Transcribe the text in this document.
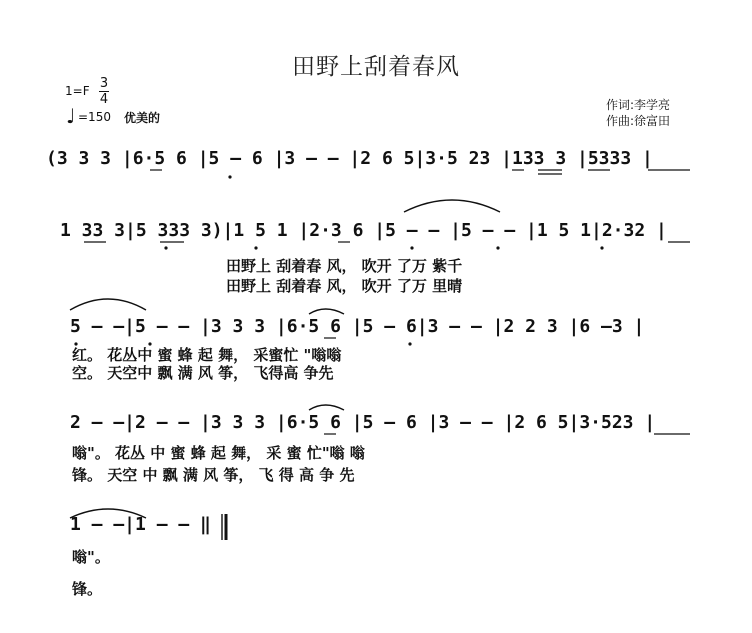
田野上刮着春风
1=F 3
4
♩ =150 优美的
作词:李学亮
作曲:徐富田
(3 3 3 |6·5 6 |5 – 6 |3 – – |2 6 5|3·5 23 |133 3 |5333 |
1 33 3|5 333 3)|1 5 1 |2·3 6 |5 – – |5 – – |1 5 1|2·32 |
田野上 刮着春 风， 吹开 了万 紫千
田野上 刮着春 风， 吹开 了万 里晴
5 – –|5 – – |3 3 3 |6·5 6 |5 – 6|3 – – |2 2 3 |6 –3 |
红。 花丛中 蜜 蜂 起 舞， 采蜜忙 "嗡嗡
空。 天空中 飘 满 风 筝， 飞得高 争先
2 – –|2 – – |3 3 3 |6·5 6 |5 – 6 |3 – – |2 6 5|3·523 |
嗡"。 花丛 中 蜜 蜂 起 舞， 采 蜜 忙"嗡 嗡
锋。 天空 中 飘 满 风 筝， 飞 得 高 争 先
1 – –|1 – – ‖
嗡"。
锋。
